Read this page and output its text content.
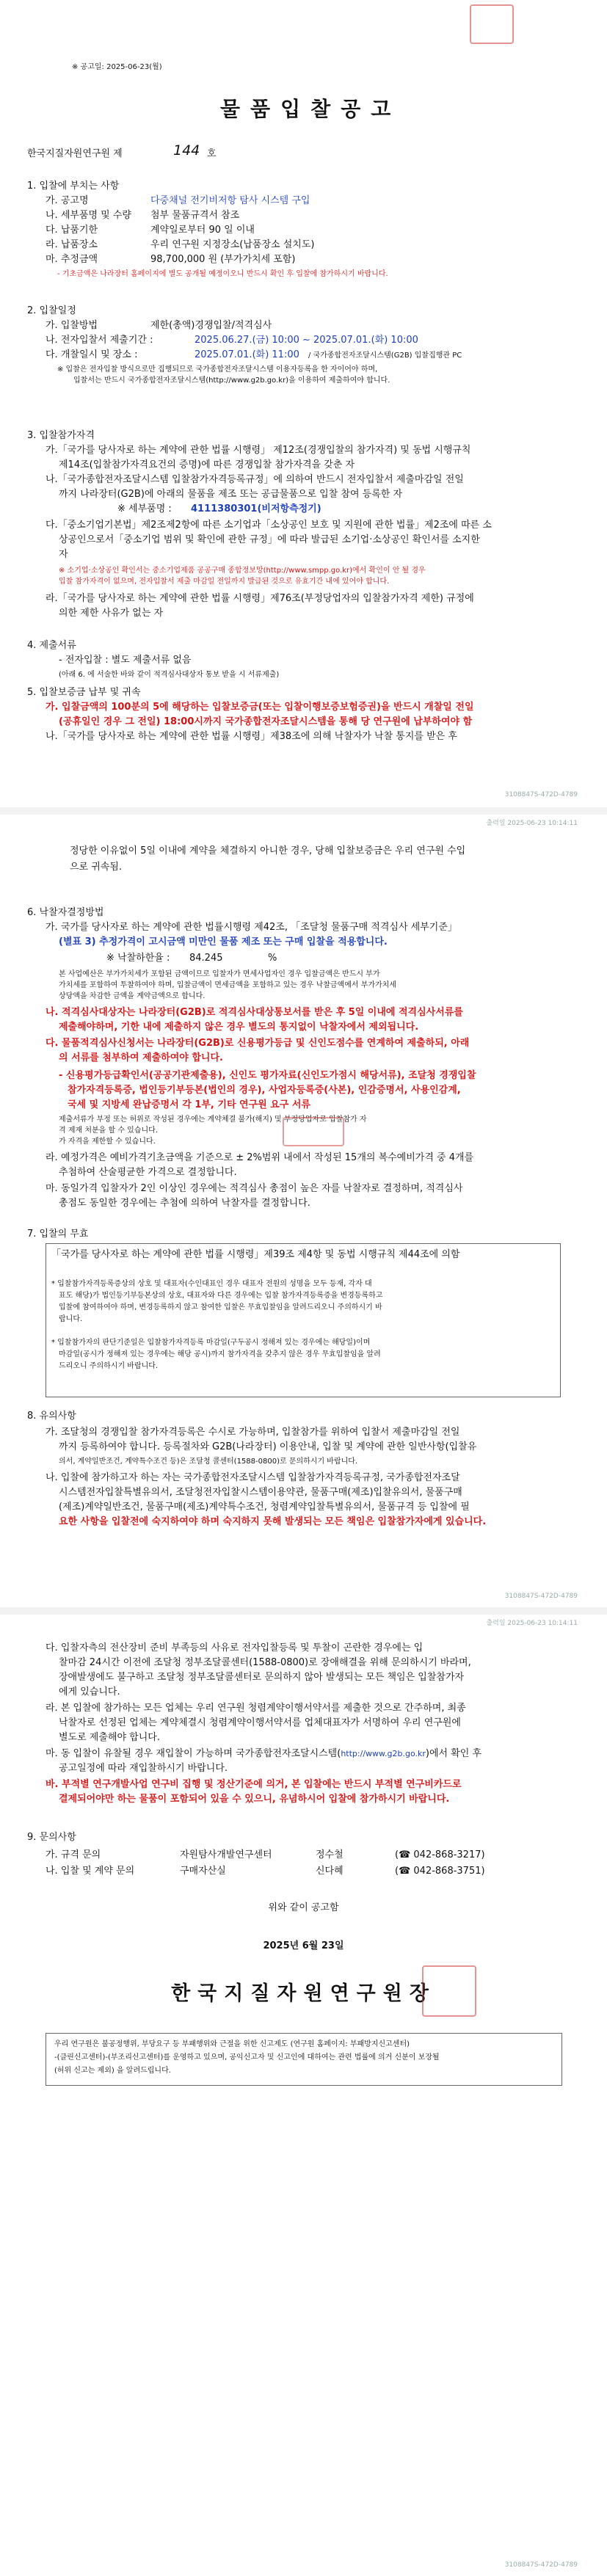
※ 공고일: 2025-06-23(월)
물품입찰공고
한국지질자원연구원 제	144 호
1. 입찰에 부치는 사항
가. 공고명	다중채널 전기비저항 탐사 시스템 구입
나. 세부품명 및 수량 첨부 물품규격서 참조
다. 납품기한	계약일로부터 90 일 이내
라. 납품장소	우리 연구원 지정장소(납품장소 설치도)
마. 추정금액	98,700,000 원 (부가가치세 포함)
- 기초금액은 나라장터 홈페이지에 별도 공개될 예정이오니 반드시 확인 후 입찰에 참가하시기 바랍니다.
2. 입찰일정
가. 입찰방법	제한(총액)경쟁입찰/적격심사
나. 전자입찰서 제출기간 :	2025.06.27.(금) 10:00 ~ 2025.07.01.(화) 10:00
다. 개찰일시 및 장소 :	2025.07.01.(화) 11:00 / 국가종합전자조달시스템(G2B) 입찰집행관 PC
※ 입찰은 전자입찰 방식으로만 집행되므로 국가종합전자조달시스템 이용자등록을 한 자이어야 하며,
입찰서는 반드시 국가종합전자조달시스템(http://www.g2b.go.kr)을 이용하여 제출하여야 합니다.
3. 입찰참가자격
가.「국가를 당사자로 하는 계약에 관한 법률 시행령」 제12조(경쟁입찰의 참가자격) 및 동법 시행규칙
제14조(입찰참가자격요건의 증명)에 따른 경쟁입찰 참가자격을 갖춘 자
나.「국가종합전자조달시스템 입찰참가자격등록규정」에 의하여 반드시 전자입찰서 제출마감일 전일
까지 나라장터(G2B)에 아래의 물품을 제조 또는 공급물품으로 입찰 참여 등록한 자
※ 세부품명 : 4111380301(비저항측정기)
다.「중소기업기본법」제2조제2항에 따른 소기업과「소상공인 보호 및 지원에 관한 법률」제2조에 따른 소
상공인으로서「중소기업 범위 및 확인에 관한 규정」에 따라 발급된 소기업·소상공인 확인서를 소지한
자
※ 소기업·소상공인 확인서는 중소기업제품 공공구매 종합정보망(http://www.smpp.go.kr)에서 확인이 안 될 경우
입찰 참가자격이 없으며, 전자입찰서 제출 마감일 전일까지 발급된 것으로 유효기간 내에 있어야 합니다.
라.「국가를 당사자로 하는 계약에 관한 법률 시행령」제76조(부정당업자의 입찰참가자격 제한) 규정에
의한 제한 사유가 없는 자
4. 제출서류
- 전자입찰 : 별도 제출서류 없음
(아래 6. 에 서술한 바와 같이 적격심사대상자 통보 받을 시 서류제출)
5. 입찰보증금 납부 및 귀속
가. 입찰금액의 100분의 5에 해당하는 입찰보증금(또는 입찰이행보증보험증권)을 반드시 개찰일 전일
(공휴일인 경우 그 전일) 18:00시까지 국가종합전자조달시스템을 통해 당 연구원에 납부하여야 함
나.「국가를 당사자로 하는 계약에 관한 법률 시행령」제38조에 의해 낙찰자가 낙찰 통지를 받은 후
3108847S-472D-4789
출력일 2025-06-23 10:14:11
정당한 이유없이 5일 이내에 계약을 체결하지 아니한 경우, 당해 입찰보증금은 우리 연구원 수입
으로 귀속됨.
6. 낙찰자결정방법
가. 국가를 당사자로 하는 계약에 관한 법률시행령 제42조, 「조달청 물품구매 적격심사 세부기준」
(별표 3) 추정가격이 고시금액 미만인 물품 제조 또는 구매 입찰을 적용합니다.
※ 낙찰하한율 : 84.245	%
본 사업예산은 부가가치세가 포함된 금액이므로 입찰자가 면세사업자인 경우 입찰금액은 반드시 부가
가치세를 포함하여 투찰하여야 하며, 입찰금액이 면세금액을 포함하고 있는 경우 낙찰금액에서 부가가치세
상당액을 차감한 금액을 계약금액으로 합니다.
나. 적격심사대상자는 나라장터(G2B)로 적격심사대상통보서를 받은 후 5일 이내에 적격심사서류를
제출해야하며, 기한 내에 제출하지 않은 경우 별도의 통지없이 낙찰자에서 제외됩니다.
다. 물품적격심사신청서는 나라장터(G2B)로 신용평가등급 및 신인도점수를 연계하여 제출하되, 아래
의 서류를 첨부하여 제출하여야 합니다.
- 신용평가등급확인서(공공기관제출용), 신인도 평가자료(신인도가점시 해당서류), 조달청 경쟁입찰
참가자격등록증, 법인등기부등본(법인의 경우), 사업자등록증(사본), 인감증명서, 사용인감계,
국세 및 지방세 완납증명서 각 1부, 기타 연구원 요구 서류
제출서류가 부정 또는 허위로 작성된 경우에는 계약체결 불가(해지) 및 부정당업자로 입찰참가 자
격 제재 처분을 할 수 있습니다.
가 자격을 제한할 수 있습니다.
라. 예정가격은 예비가격기초금액을 기준으로 ± 2%범위 내에서 작성된 15개의 복수예비가격 중 4개를
추첨하여 산술평균한 가격으로 결정합니다.
마. 동일가격 입찰자가 2인 이상인 경우에는 적격심사 총점이 높은 자를 낙찰자로 결정하며, 적격심사
총점도 동일한 경우에는 추첨에 의하여 낙찰자를 결정합니다.
7. 입찰의 무효
「국가를 당사자로 하는 계약에 관한 법률 시행령」제39조 제4항 및 동법 시행규칙 제44조에 의함
* 입찰참가자격등록증상의 상호 및 대표자(수인대표인 경우 대표자 전원의 성명을 모두 등재, 각자 대
표도 해당)가 법인등기부등본상의 상호, 대표자와 다른 경우에는 입찰 참가자격등록증을 변경등록하고
입찰에 참여하여야 하며, 변경등록하지 않고 참여한 입찰은 무효입찰임을 알려드리오니 주의하시기 바
랍니다.
* 입찰참가자의 판단기준일은 입찰참가자격등록 마감일(구두공시 정해져 있는 경우에는 해당일)이며
마감일(공시가 정해져 있는 경우에는 해당 공시)까지 참가자격을 갖추지 않은 경우 무효입찰임을 알려
드리오니 주의하시기 바랍니다.
8. 유의사항
가. 조달청의 경쟁입찰 참가자격등록은 수시로 가능하며, 입찰참가를 위하여 입찰서 제출마감일 전일
까지 등록하여야 합니다. 등록절차와 G2B(나라장터) 이용안내, 입찰 및 계약에 관한 일반사항(입찰유
의서, 계약일반조건, 계약특수조건 등)은 조달청 콜센터(1588-0800)로 문의하시기 바랍니다.
나. 입찰에 참가하고자 하는 자는 국가종합전자조달시스템 입찰참가자격등록규정, 국가종합전자조달
시스템전자입찰특별유의서, 조달청전자입찰시스템이용약관, 물품구매(제조)입찰유의서, 물품구매
(제조)계약일반조건, 물품구매(제조)계약특수조건, 청렴계약입찰특별유의서, 물품규격 등 입찰에 필
요한 사항을 입찰전에 숙지하여야 하며 숙지하지 못해 발생되는 모든 책임은 입찰참가자에게 있습니다.
3108847S-472D-4789
출력일 2025-06-23 10:14:11
다. 입찰자측의 전산장비 준비 부족등의 사유로 전자입찰등록 및 투찰이 곤란한 경우에는 입
찰마감 24시간 이전에 조달청 정부조달콜센터(1588-0800)로 장애해결을 위해 문의하시기 바라며,
장애발생에도 불구하고 조달청 정부조달콜센터로 문의하지 않아 발생되는 모든 책임은 입찰참가자
에게 있습니다.
라. 본 입찰에 참가하는 모든 업체는 우리 연구원 청렴계약이행서약서를 제출한 것으로 간주하며, 최종
낙찰자로 선정된 업체는 계약체결시 청렴계약이행서약서를 업체대표자가 서명하여 우리 연구원에
별도로 제출해야 합니다.
마. 동 입찰이 유찰될 경우 재입찰이 가능하며 국가종합전자조달시스템(http://www.g2b.go.kr)에서 확인 후
공고일정에 따라 재입찰하시기 바랍니다.
바. 부적별 연구개발사업 연구비 집행 및 정산기준에 의거, 본 입찰에는 반드시 부적별 연구비카드로
결제되어야만 하는 물품이 포함되어 있을 수 있으니, 유념하시어 입찰에 참가하시기 바랍니다.
9. 문의사항
가. 규격 문의	자원탐사개발연구센터	정수철	(☎ 042-868-3217)
나. 입찰 및 계약 문의	구매자산실	신다혜	(☎ 042-868-3751)
위와 같이 공고함
2025년 6월 23일
한국지질자원연구원장
우리 연구원은 불공정행위, 부당요구 등 부패행위와 근절을 위한 신고제도 (연구원 홈페이지: 부패방지신고센터)
-(클린신고센터)-(부조리신고센터)를 운영하고 있으며, 공익신고자 및 신고인에 대하여는 관련 법률에 의거 신분이 보장될
(허위 신고는 제외) 을 알려드립니다.
3108847S-472D-4789
